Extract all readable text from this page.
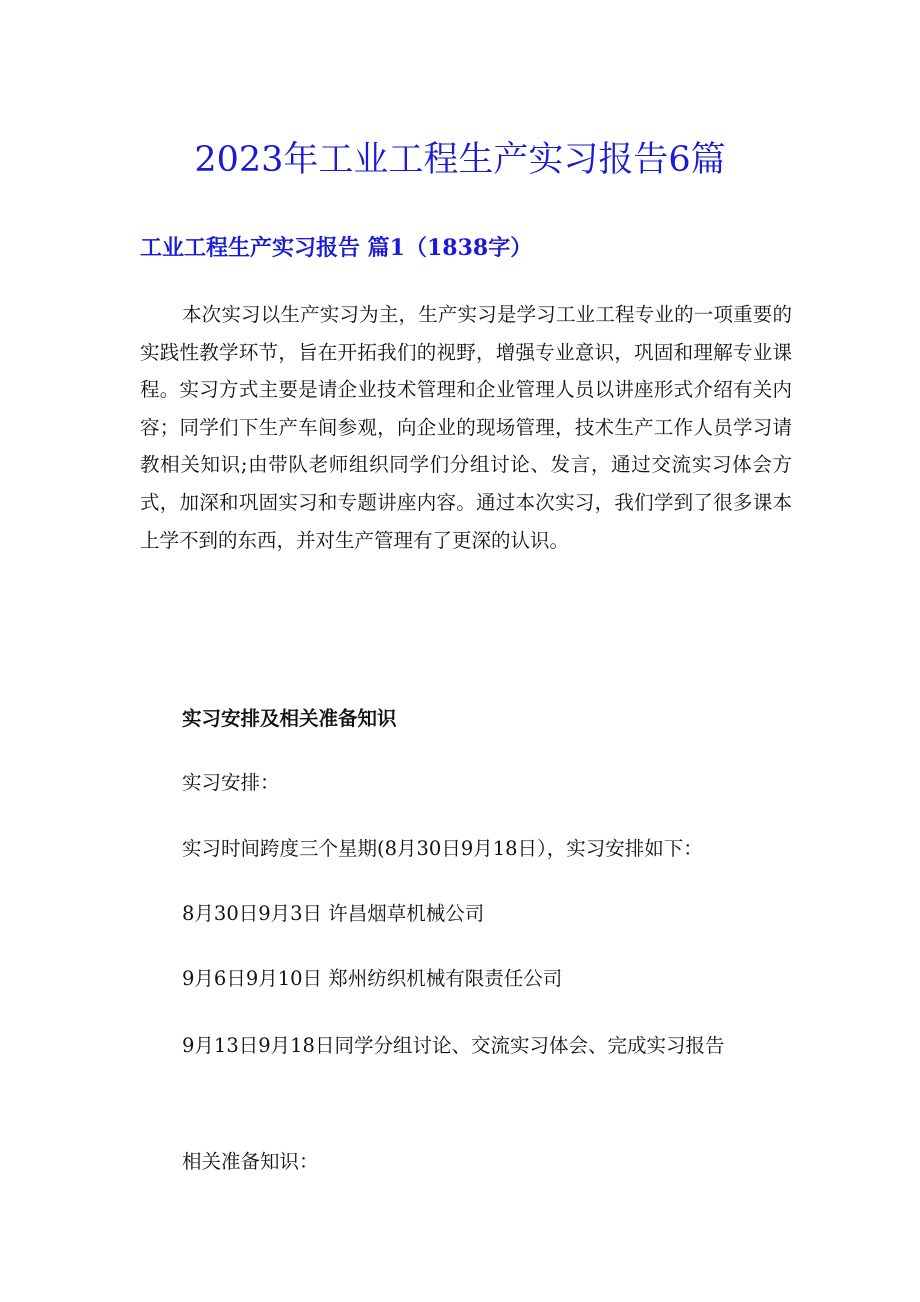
2023年工业工程生产实习报告6篇
工业工程生产实习报告 篇1（1838字）

本次实习以生产实习为主，生产实习是学习工业工程专业的一项重要的实践性教学环节，旨在开拓我们的视野，增强专业意识，巩固和理解专业课程。实习方式主要是请企业技术管理和企业管理人员以讲座形式介绍有关内容；同学们下生产车间参观，向企业的现场管理，技术生产工作人员学习请教相关知识;由带队老师组织同学们分组讨论、发言，通过交流实习体会方式，加深和巩固实习和专题讲座内容。通过本次实习，我们学到了很多课本上学不到的东西，并对生产管理有了更深的认识。

实习安排及相关准备知识

实习安排：

实习时间跨度三个星期(8月30日9月18日），实习安排如下：

8月30日9月3日 许昌烟草机械公司

9月6日9月10日 郑州纺织机械有限责任公司

9月13日9月18日同学分组讨论、交流实习体会、完成实习报告

相关准备知识：
